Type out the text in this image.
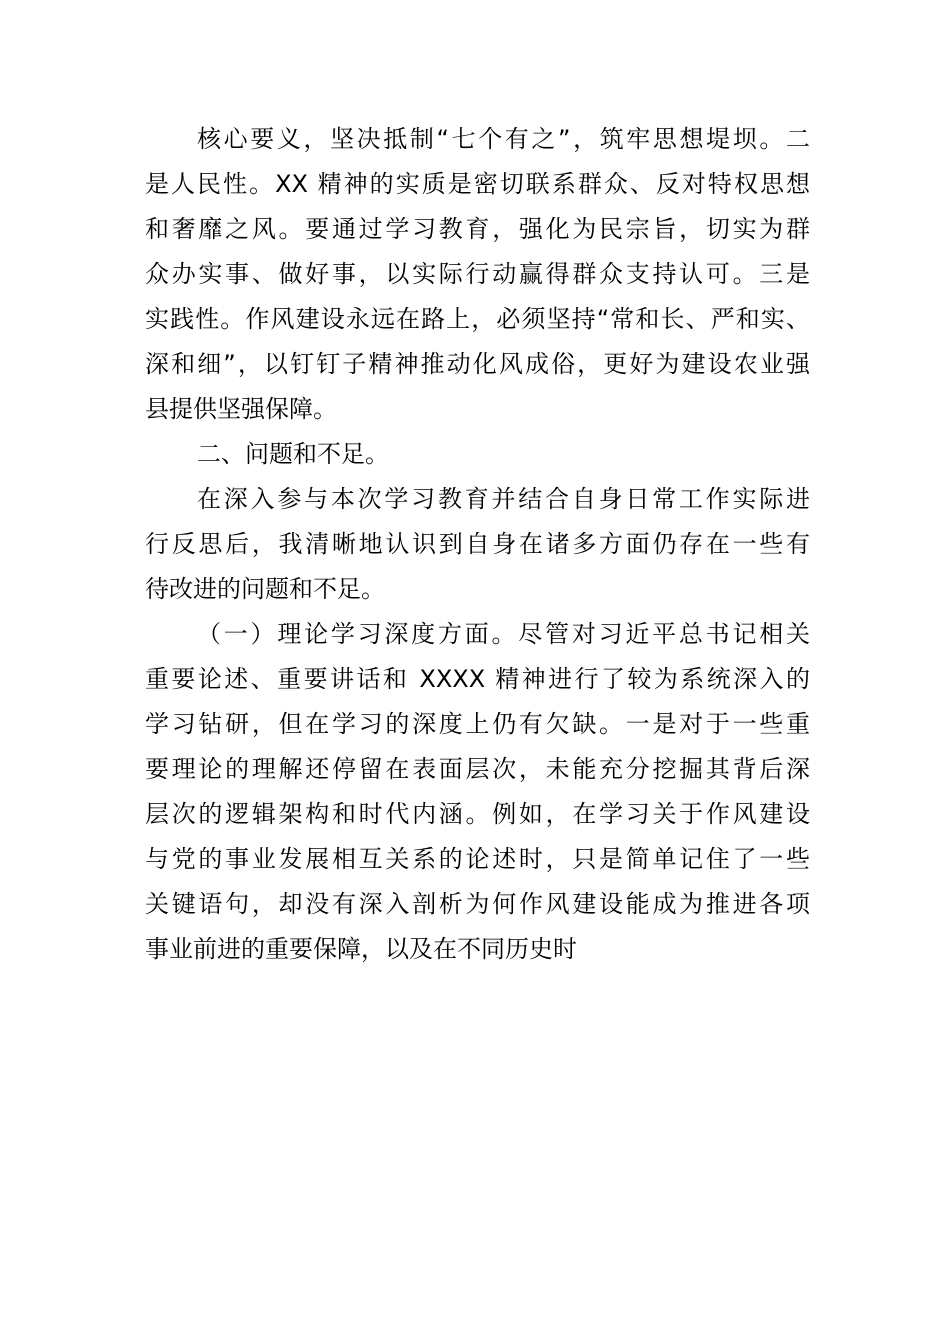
核心要义，坚决抵制“七个有之”，筑牢思想堤坝。二
是人民性。XX 精神的实质是密切联系群众、反对特权思想
和奢靡之风。要通过学习教育，强化为民宗旨，切实为群
众办实事、做好事，以实际行动赢得群众支持认可。三是
实践性。作风建设永远在路上，必须坚持“常和长、严和实、
深和细”，以钉钉子精神推动化风成俗，更好为建设农业强
县提供坚强保障。
二、问题和不足。
在深入参与本次学习教育并结合自身日常工作实际进
行反思后，我清晰地认识到自身在诸多方面仍存在一些有
待改进的问题和不足。
（一）理论学习深度方面。尽管对习近平总书记相关
重要论述、重要讲话和 XXXX 精神进行了较为系统深入的
学习钻研，但在学习的深度上仍有欠缺。一是对于一些重
要理论的理解还停留在表面层次，未能充分挖掘其背后深
层次的逻辑架构和时代内涵。例如，在学习关于作风建设
与党的事业发展相互关系的论述时，只是简单记住了一些
关键语句，却没有深入剖析为何作风建设能成为推进各项
事业前进的重要保障，以及在不同历史时
